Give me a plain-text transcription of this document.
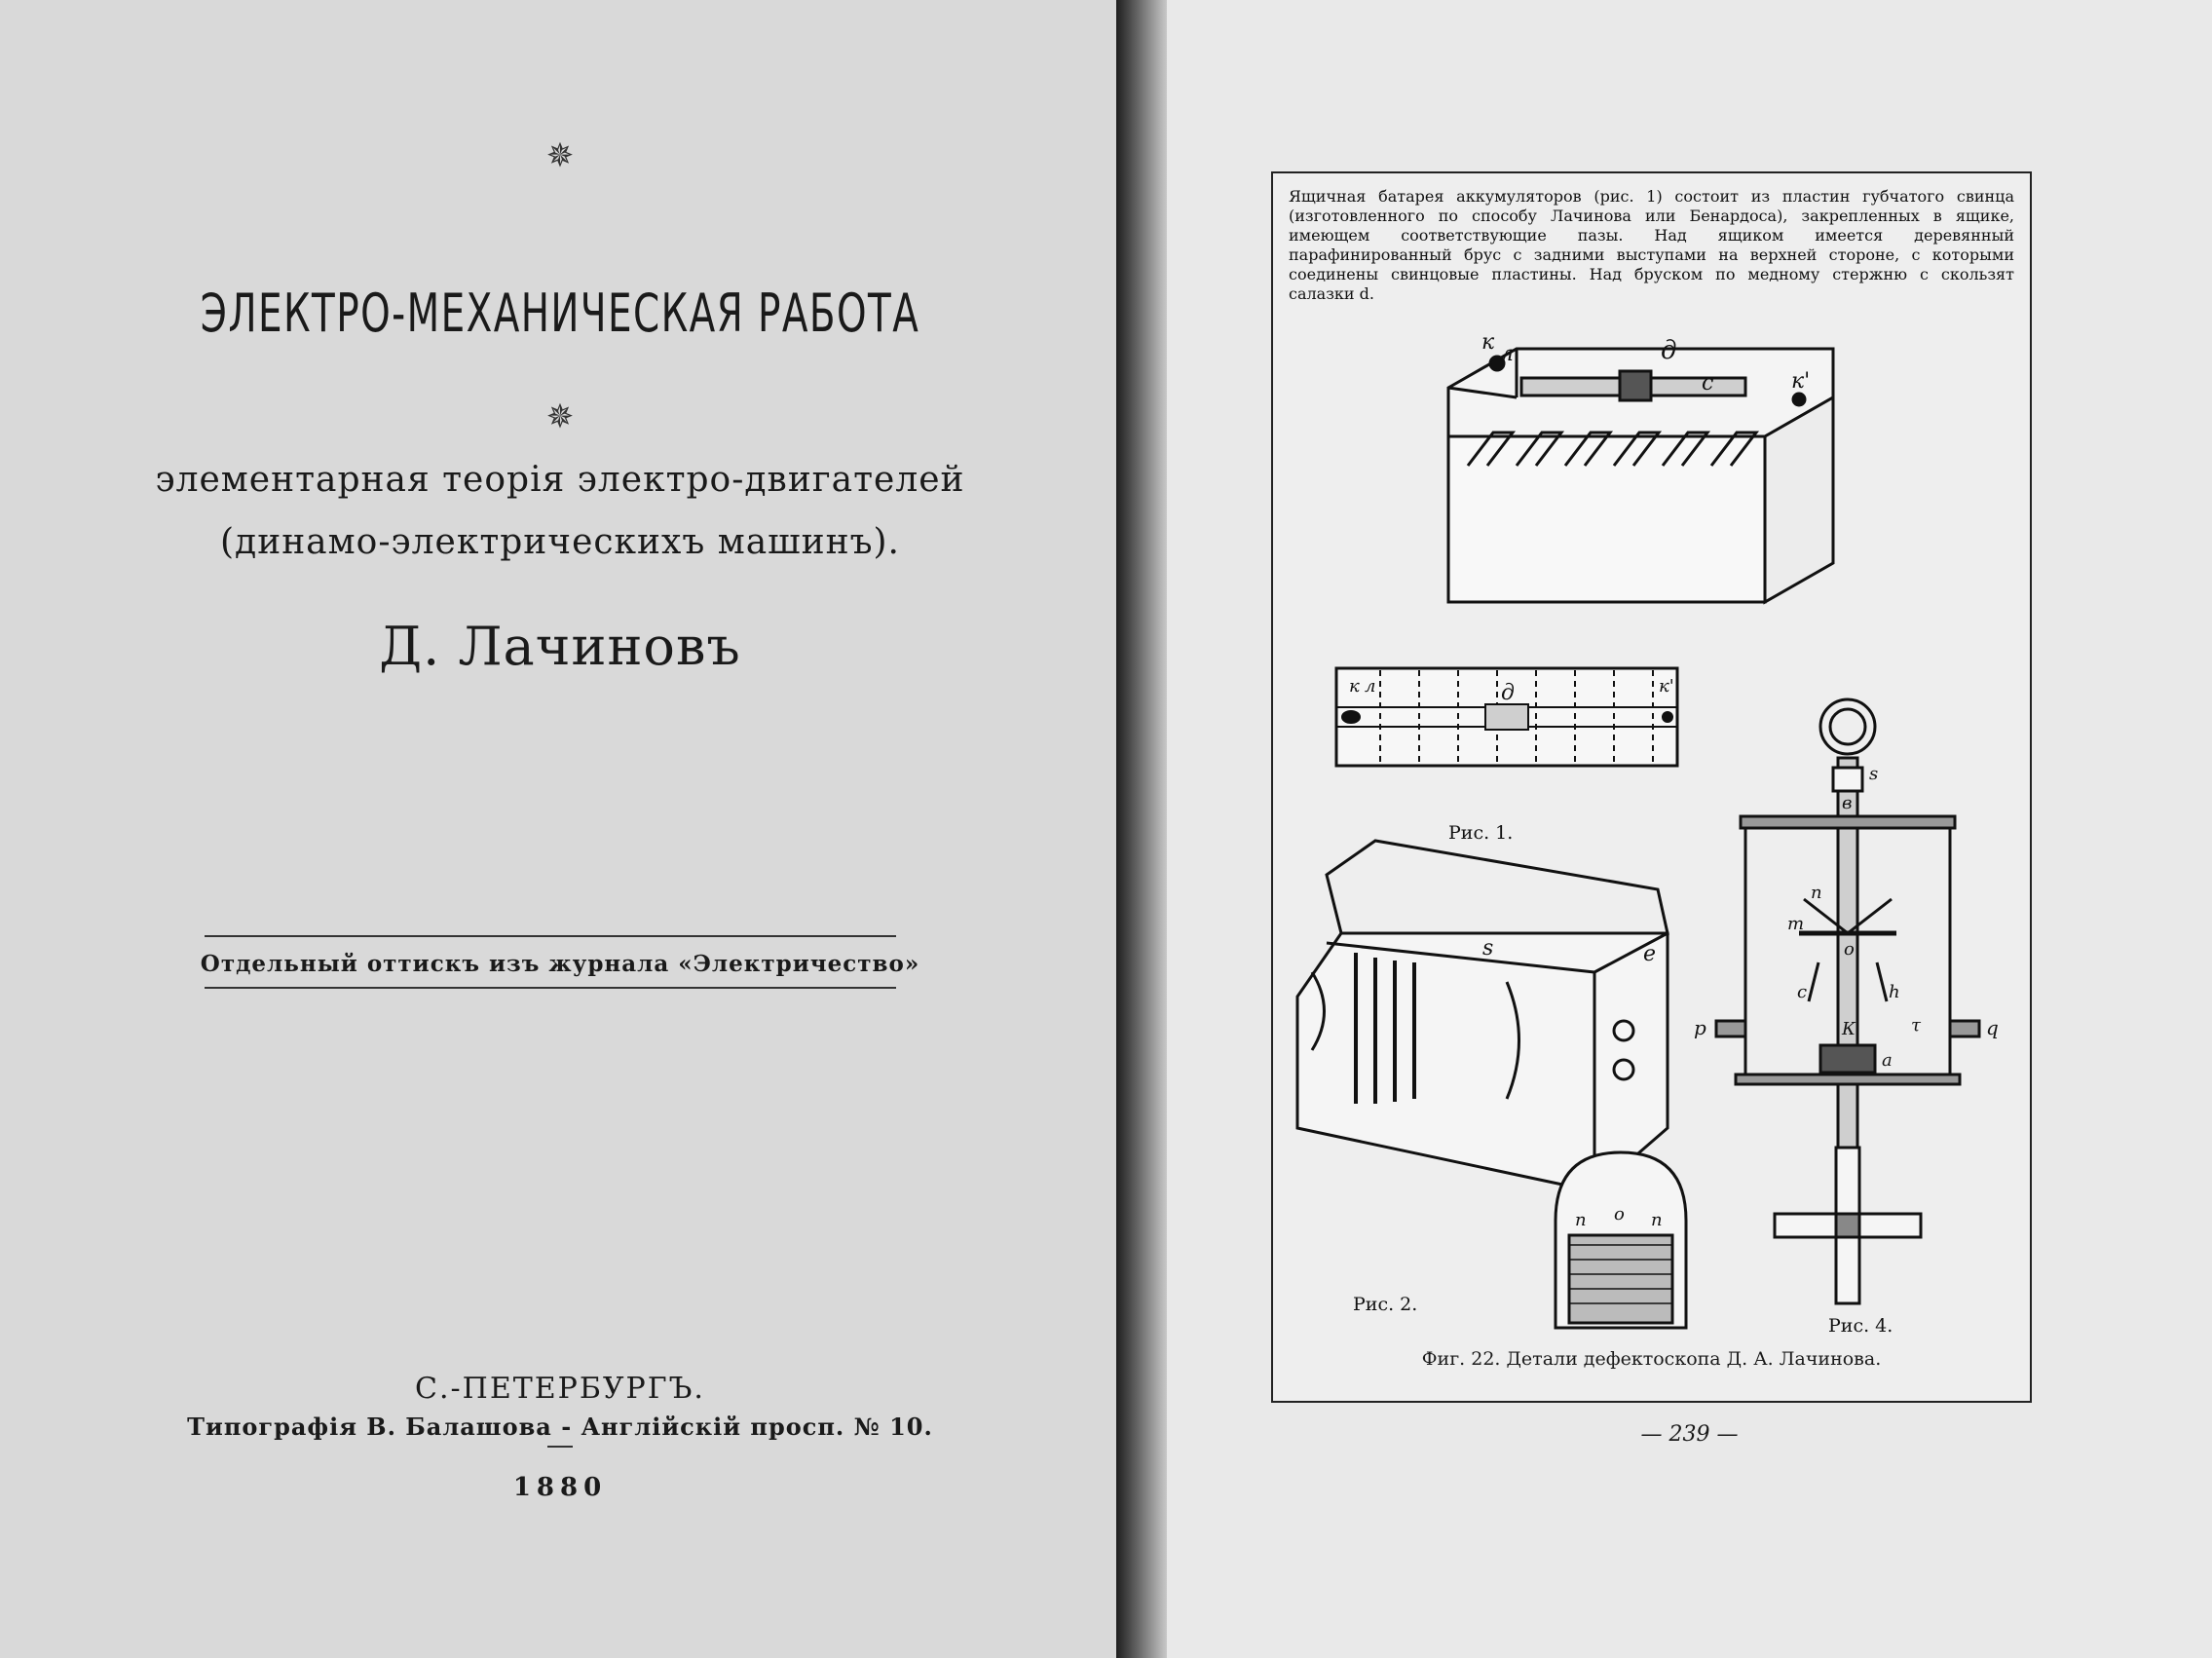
✵
ЭЛЕКТРО-МЕХАНИЧЕСКАЯ РАБОТА
✵
элементарная теорія электро-двигателей
(динамо-электрическихъ машинъ).
Д. Лачиновъ
Отдельный оттискъ изъ журнала «Электричество»
С.-ПЕТЕРБУРГЪ.
Типографія В. Балашова - Англійскій просп. № 10.
1880
Ящичная батарея аккумуляторов (рис. 1) состоит из пластин губчатого свинца (изготовленного по способу Лачинова или Бенардоса), закрепленных в ящике, имеющем соответствующие пазы. Над ящиком имеется деревянный парафинированный брус с задними выступами на верхней стороне, с которыми соединены свинцовые пластины. Над бруском по медному стержню c скользят салазки d.
к л	д
с	к'
к л	д	к'
s	e
s
в
n
m
o
с	h
К
р	q
а
τ
n o n
Рис. 1.
Рис. 2.
Рис. 4.
Фиг. 22. Детали дефектоскопа Д. А. Лачинова.
— 239 —
